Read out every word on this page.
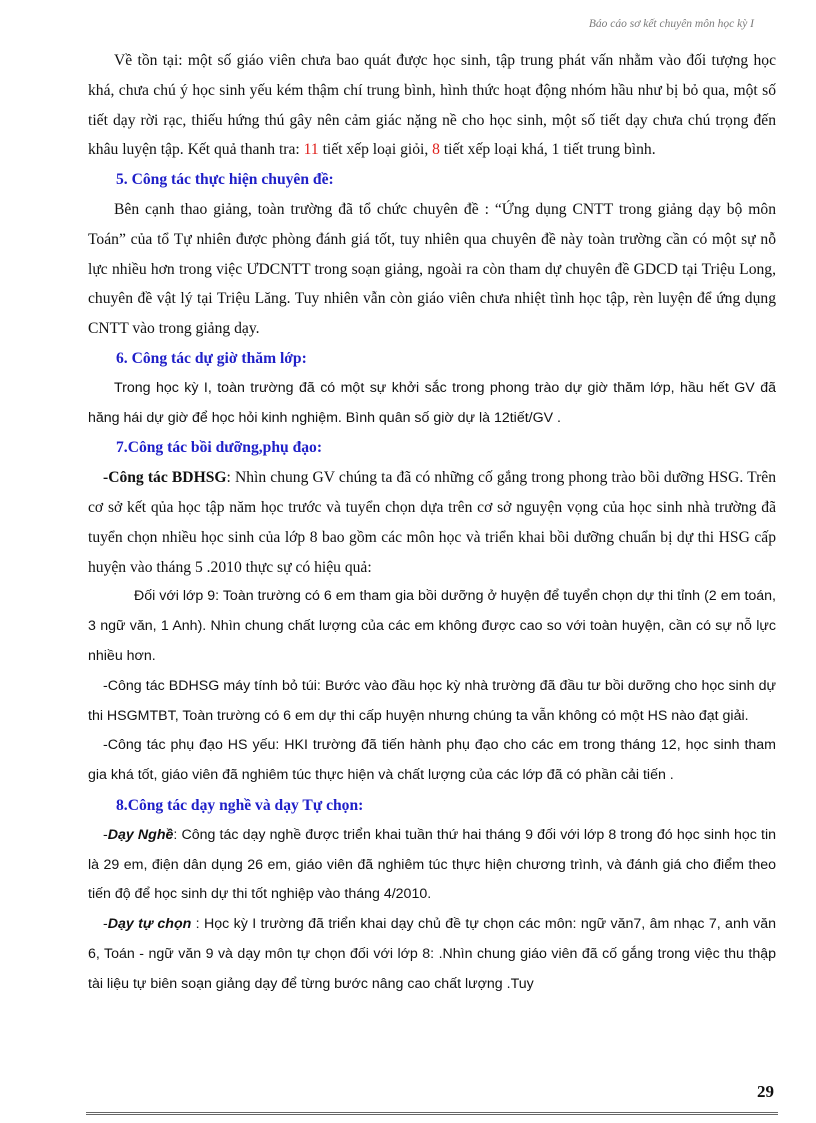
Báo cáo sơ kết chuyên môn học kỳ I

Về tồn tại: một số giáo viên chưa bao quát được học sinh, tập trung phát vấn nhằm vào đối tượng học khá, chưa chú ý học sinh yếu kém thậm chí trung bình, hình thức hoạt động nhóm hầu như bị bỏ qua, một số tiết dạy rời rạc, thiếu hứng thú gây nên cảm giác nặng nề cho học sinh, một số tiết dạy chưa chú trọng đến khâu luyện tập. Kết quả thanh tra: 11 tiết xếp loại giỏi, 8 tiết xếp loại khá, 1 tiết trung bình.

5. Công tác thực hiện chuyên đề:

Bên cạnh thao giảng, toàn trường đã tổ chức chuyên đề : “Ứng dụng CNTT trong giảng dạy bộ môn Toán” của tổ Tự nhiên được phòng đánh giá tốt, tuy nhiên qua chuyên đề này toàn trường cần có một sự nỗ lực nhiều hơn trong việc ƯDCNTT trong soạn giảng, ngoài ra còn tham dự chuyên đề GDCD tại Triệu Long, chuyên đề vật lý tại Triệu Lăng. Tuy nhiên vẫn còn giáo viên chưa nhiệt tình học tập, rèn luyện để ứng dụng CNTT vào trong giảng dạy.

6. Công tác dự giờ thăm lớp:

Trong học kỳ I, toàn trường đã có một sự khởi sắc trong phong trào dự giờ thăm lớp, hầu hết GV đã hăng hái dự giờ để học hỏi kinh nghiệm. Bình quân số giờ dự là 12tiết/GV .

7.Công tác bồi dưỡng,phụ đạo:

-Công tác BDHSG: Nhìn chung GV chúng ta đã có những cố gắng trong phong trào bồi dưỡng HSG. Trên cơ sở kết qủa học tập năm học trước và tuyển chọn dựa trên cơ sở nguyện vọng của học sinh nhà trường đã tuyển chọn nhiều học sinh của lớp 8 bao gồm các môn học và triển khai bồi dưỡng chuẩn bị dự thi HSG cấp huyện vào tháng 5 .2010 thực sự có hiệu quả:

Đối với lớp 9: Toàn trường có 6 em tham gia bồi dưỡng ở huyện để tuyển chọn dự thi tỉnh (2 em toán, 3 ngữ văn, 1 Anh). Nhìn chung chất lượng của các em không được cao so với toàn huyện, cần có sự nỗ lực nhiều hơn.

-Công tác BDHSG máy tính bỏ túi: Bước vào đầu học kỳ nhà trường đã đầu tư bồi dưỡng cho học sinh dự thi HSGMTBT, Toàn trường có 6 em dự thi cấp huyện nhưng chúng ta vẫn không có một HS nào đạt giải.

-Công tác phụ đạo HS yếu: HKI trường đã tiến hành phụ đạo cho các em trong tháng 12, học sinh tham gia khá tốt, giáo viên đã nghiêm túc thực hiện và chất lượng của các lớp đã có phần cải tiến .

8.Công tác dạy nghề và dạy Tự chọn:

-Dạy Nghề: Công tác dạy nghề được triển khai tuần thứ hai tháng 9 đối với lớp 8 trong đó học sinh học tin là 29 em, điện dân dụng 26 em, giáo viên đã nghiêm túc thực hiện chương trình, và đánh giá cho điểm theo tiến độ để học sinh dự thi tốt nghiệp vào tháng 4/2010.

-Dạy tự chọn : Học kỳ I trường đã triển khai dạy chủ đề tự chọn các môn: ngữ văn7, âm nhạc 7, anh văn 6, Toán - ngữ văn 9 và dạy môn tự chọn đối với lớp 8: .Nhìn chung giáo viên đã cố gắng trong việc thu thập tài liệu tự biên soạn giảng dạy để từng bước nâng cao chất lượng .Tuy

29
